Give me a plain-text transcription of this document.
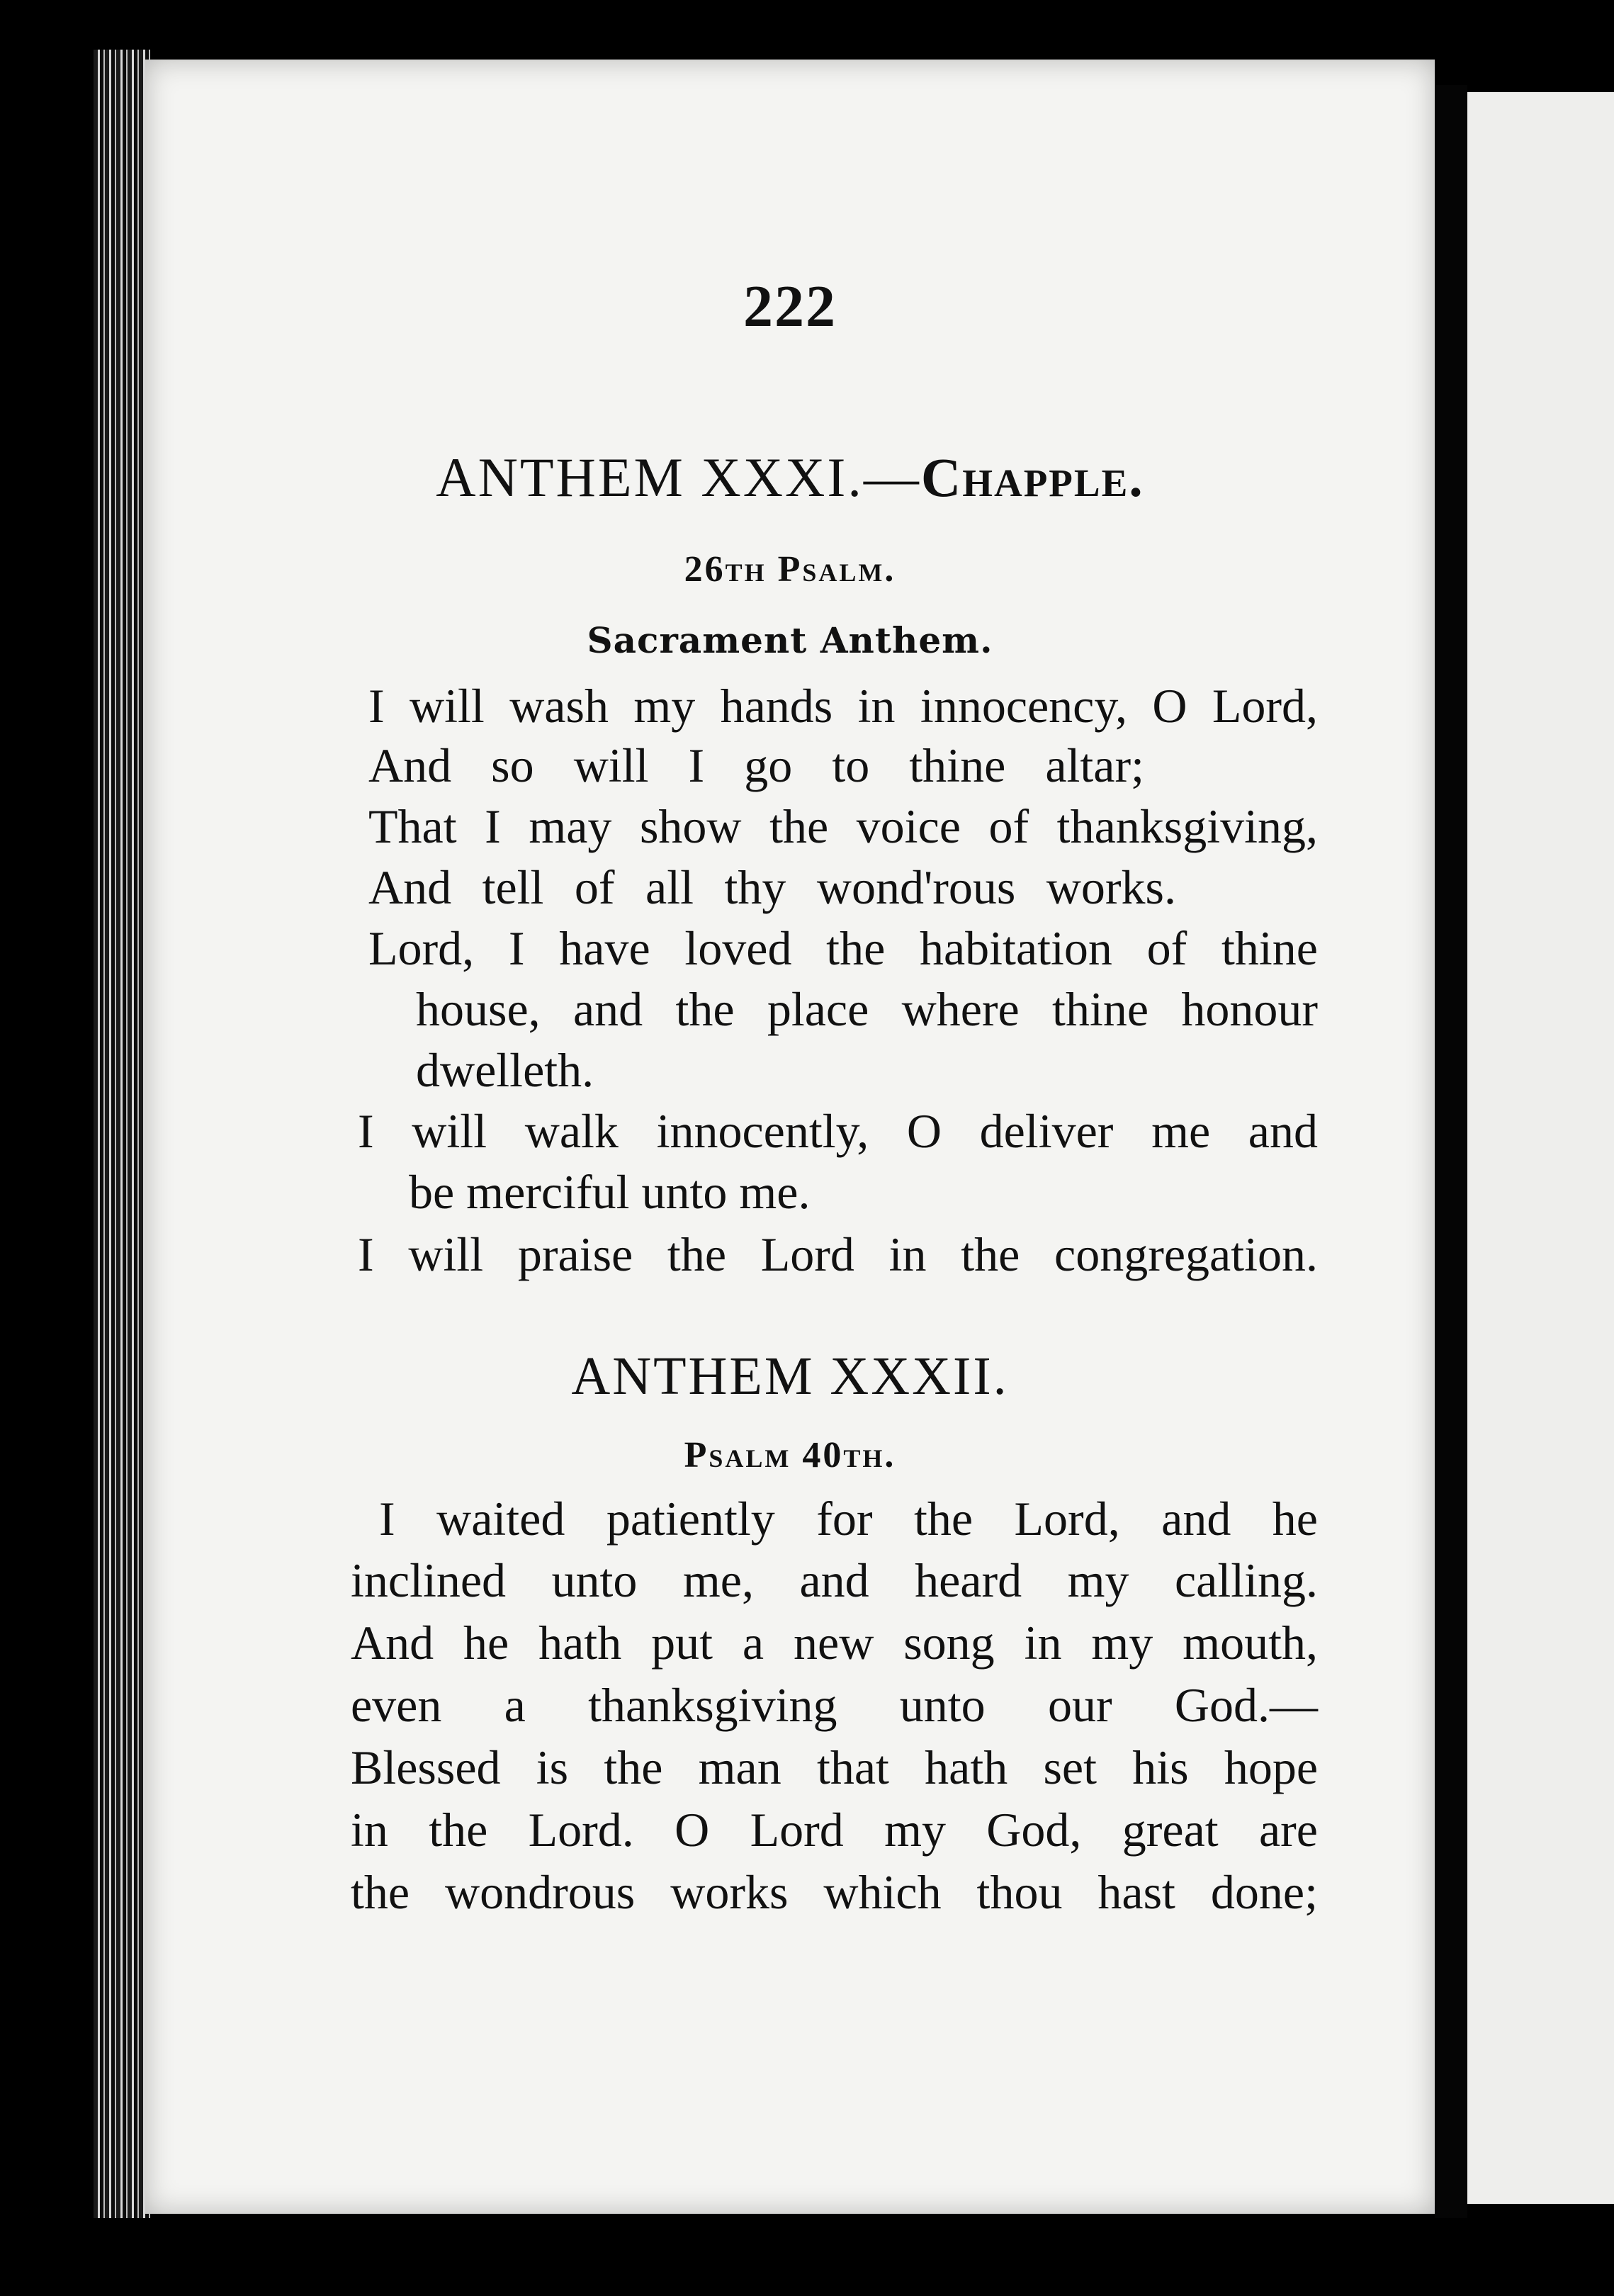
222
ANTHEM XXXI.—Chapple.
26th Psalm.
Sacrament Anthem.
I will wash my hands in innocency, O Lord,
And so will I go to thine altar;
That I may show the voice of thanksgiving,
And tell of all thy wond'rous works.
Lord, I have loved the habitation of thine
house, and the place where thine honour
dwelleth.
I will walk innocently, O deliver me and
be merciful unto me.
I will praise the Lord in the congregation.
ANTHEM XXXII.
Psalm 40th.
I waited patiently for the Lord, and he
inclined unto me, and heard my calling.
And he hath put a new song in my mouth,
even a thanksgiving unto our God.—
Blessed is the man that hath set his hope
in the Lord. O Lord my God, great are
the wondrous works which thou hast done;
